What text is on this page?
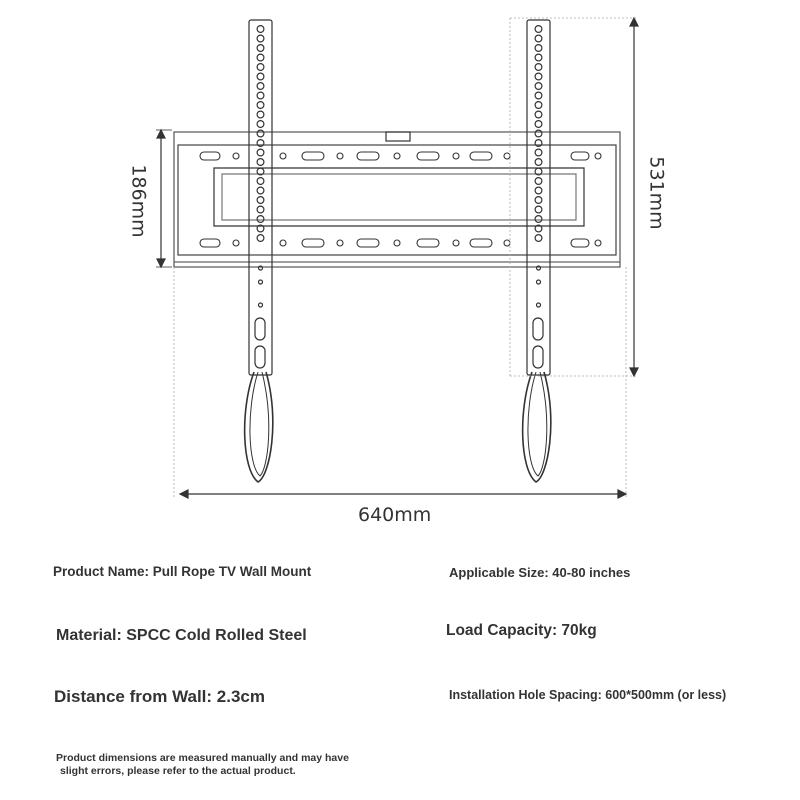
640mm
186mm	531mm
Product Name: Pull Rope TV Wall Mount	Applicable Size: 40-80 inches
Material: SPCC Cold Rolled Steel	Load Capacity: 70kg
Distance from Wall: 2.3cm	Installation Hole Spacing: 600*500mm (or less)
Product dimensions are measured manually and may have
slight errors, please refer to the actual product.
